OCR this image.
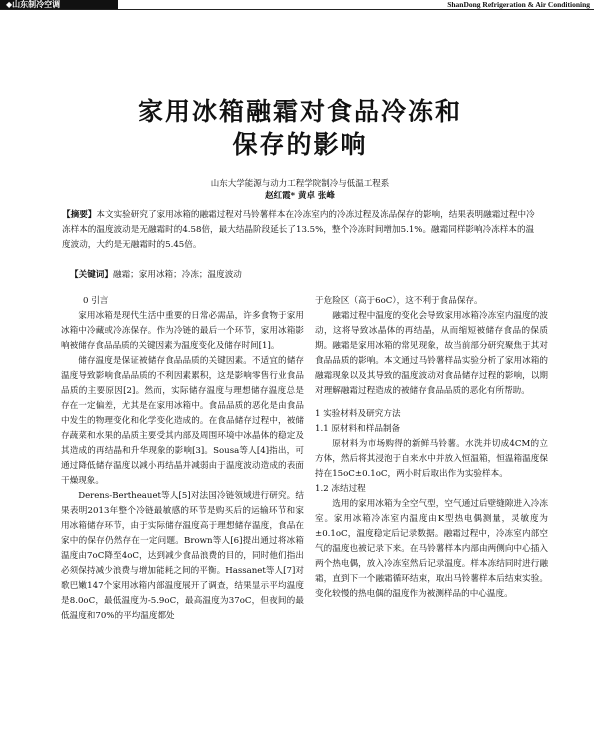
◆山东制冷空调	ShanDong Refrigeration & Air Conditioning
家用冰箱融霜对食品冷冻和
保存的影响
山东大学能源与动力工程学院制冷与低温工程系
赵红霞* 黄卓 张峰
【摘要】本文实验研究了家用冰箱的融霜过程对马铃薯样本在冷冻室内的冷冻过程及冻品保存的影响，结果表明融霜过程中冷冻样本的温度波动是无融霜时的4.58倍，最大结晶阶段延长了13.5%，整个冷冻时间增加5.1%。融霜同样影响冷冻样本的温度波动，大约是无融霜时的5.45倍。
【关键词】融霜；家用冰箱；冷冻；温度波动

0 引言

家用冰箱是现代生活中重要的日常必需品，许多食物于家用冰箱中冷藏或冷冻保存。作为冷链的最后一个环节，家用冰箱影响被储存食品品质的关键因素为温度变化及储存时间[1]。

储存温度是保证被储存食品品质的关键因素。不适宜的储存温度导致影响食品品质的不利因素累积，这是影响零售行业食品品质的主要原因[2]。然而，实际储存温度与理想储存温度总是存在一定偏差，尤其是在家用冰箱中。食品品质的恶化是由食品中发生的物理变化和化学变化造成的。在食品储存过程中，被储存蔬菜和水果的品质主要受其内部及周围环境中冰晶体的稳定及其造成的再结晶和升华现象的影响[3]。Sousa等人[4]指出，可通过降低储存温度以减小再结晶并减弱由于温度波动造成的表面干燥现象。

Derens-Bertheauet等人[5]对法国冷链领域进行研究。结果表明2013年整个冷链最敏感的环节是购买后的运输环节和家用冰箱储存环节，由于实际储存温度高于理想储存温度，食品在家中的保存仍然存在一定问题。Brown等人[6]提出通过将冰箱温度由7oC降至4oC，达到减少食品浪费的目的，同时他们指出必须保持减少浪费与增加能耗之间的平衡。Hassanet等人[7]对歌巴嫩147个家用冰箱内部温度展开了调查，结果显示平均温度是8.0oC，最低温度为-5.9oC，最高温度为37oC，但夜间的最低温度和70%的平均温度都处

于危险区（高于6oC），这不利于食品保存。

融霜过程中温度的变化会导致家用冰箱冷冻室内温度的波动，这将导致冰晶体的再结晶，从而缩短被储存食品的保质期。融霜是家用冰箱的常见现象，故当前部分研究聚焦于其对食品品质的影响。本文通过马铃薯样品实验分析了家用冰箱的融霜现象以及其导致的温度波动对食品储存过程的影响，以期对理解融霜过程造成的被储存食品品质的恶化有所帮助。

1 实验材料及研究方法

1.1 原材料和样品制备

原材料为市场购得的新鲜马铃薯。水洗并切成4CM的立方体，然后将其浸泡于自来水中并放入恒温箱，恒温箱温度保持在15oC±0.1oC，两小时后取出作为实验样本。

1.2 冻结过程

选用的家用冰箱为全空气型，空气通过后壁缝隙进入冷冻室。家用冰箱冷冻室内温度由K型热电偶测量，灵敏度为±0.1oC，温度稳定后记录数据。融霜过程中，冷冻室内部空气的温度也被记录下来。在马铃薯样本内部由两侧向中心插入两个热电偶，放入冷冻室然后记录温度。样本冻结同时进行融霜，直到下一个融霜循环结束，取出马铃薯样本后结束实验。变化较慢的热电偶的温度作为被测样品的中心温度。
